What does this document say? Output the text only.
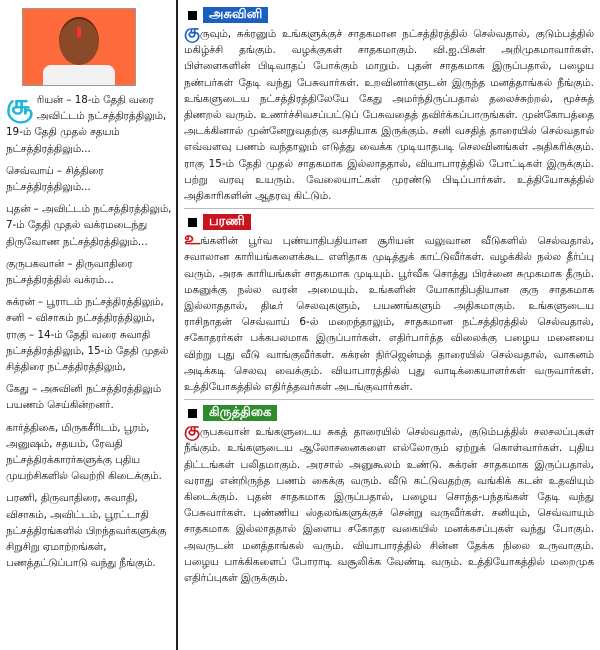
சூ ரியன் – 18-ம் தேதி வரை அவிட்டம் நட்சத்திரத்திலும், 19-ம் தேதி முதல் சதயம் நட்சத்திரத்திலும்...

செவ்வாய் – சித்திரை நட்சத்திரத்திலும்...

புதன் – அவிட்டம் நட்சத்திரத்திலும், 7-ம் தேதி முதல் வக்ரமடைந்து திருவோண நட்சத்திரத்திலும்...

குருபகவான் – திருவாதிரை நட்சத்திரத்தில் வக்ரம்...

சுக்ரன் – பூராடம் நட்சத்திரத்திலும், சனி – விசாகம் நட்சத்திரத்திலும், ராகு – 14-ம் தேதி வரை சுவாதி நட்சத்திரத்திலும், 15-ம் தேதி முதல் சித்திரை நட்சத்திரத்திலும்,

கேது – அசுவினி நட்சத்திரத்திலும் பயணம் செய்கின்றனர்.

கார்த்திகை, மிருகசீரிடம், பூரம், அனுஷம், சதயம், ரேவதி நட்சத்திரக்காரர்களுக்கு புதிய முயற்சிகளில் வெற்றி கிடைக்கும்.

பரணி, திருவாதிரை, சுவாதி, விசாகம், அவிட்டம், பூரட்டாதி நட்சத்திரங்களில் பிறந்தவர்களுக்கு சிறுசிறு ஏமாற்றங்கள், பணத்தட்டுப்பாடு வந்து நீங்கும்.

அசுவினி

குருவும், சுக்ரனும் உங்களுக்குச் சாதகமான நட்சத்திரத்தில் செல்வதால், குடும்பத்தில் மகிழ்ச்சி தங்கும். வழக்குகள் சாதகமாகும். வி.ஐ.பிகள் அறிமுகமாவார்கள். பிள்ளைகளின் பிடிவாதப் போக்கும் மாறும். புதன் சாதகமாக இருப்பதால், பழைய நண்பர்கள் தேடி வந்து பேசுவார்கள். உறவினர்களுடன் இருந்த மனத்தாங்கல் நீங்கும். உங்களுடைய நட்சத்திரத்திலேயே கேது அமர்ந்திருப்பதால் தலைச்சுற்றல், மூச்சுத் திணறல் வரும். உணர்ச்சிவசப்பட்டுப் பேசுவதைத் தவிர்க்கப்பாருங்கள். முன்கோபத்தை அடக்கினால் முன்னேறுவதற்கு வசதியாக இருக்கும். சனி வசதித் தாரையில் செல்வதால் எவ்வளவு பணம் வந்தாலும் எடுத்து வைக்க முடியாதபடி செலவினங்கள் அதிகரிக்கும். ராகு 15-ம் தேதி முதல் சாதகமாக இல்லாததால், வியாபாரத்தில் போட்டிகள் இருக்கும். பற்று வரவு உயரும். வேலையாட்கள் முரண்டு பிடிப்பார்கள். உத்தியோகத்தில் அதிகாரிகளின் ஆதரவு கிட்டும்.

பரணி

உங்களின் பூர்வ புண்யாதிபதியான சூரியன் வலுவான வீடுகளில் செல்வதால், சவாலான காரியங்களைக்கூட எளிதாக முடித்துக் காட்டுவீர்கள். வழக்கில் நல்ல தீர்ப்பு வரும். அரசு காரியங்கள் சாதகமாக முடியும். பூர்வீக சொத்து பிரச்னை சுமுகமாக தீரும். மகனுக்கு நல்ல வரன் அமையும். உங்களின் யோகாதிபதியான குரு சாதகமாக இல்லாததால், திடீர் செலவுகளும், பயணங்களும் அதிகமாகும். உங்களுடைய ராசிநாதன் செவ்வாய் 6-ல் மறைந்தாலும், சாதகமான நட்சத்திரத்தில் செல்வதால், சகோதரர்கள் பக்கபலமாக இருப்பார்கள். எதிர்பார்த்த விலைக்கு பழைய மனையை விற்று புது வீடு வாங்குவீர்கள். சுக்ரன் நிர்ஜென்மத் தாரையில் செல்வதால், வாகனம் அடிக்கடி செலவு வைக்கும். வியாபாரத்தில் புது வாடிக்கையாளர்கள் வருவார்கள். உத்தியோகத்தில் எதிர்த்தவர்கள் அடங்குவார்கள்.

கிருத்திகை

குருபகவான் உங்களுடைய சுகத் தாரையில் செல்வதால், குடும்பத்தில் சலசலப்புகள் நீங்கும். உங்களுடைய ஆலோசனைகளை எல்லோரும் ஏற்றுக் கொள்வார்கள். புதிய திட்டங்கள் பலிதமாகும். அரசால் அனுகூலம் உண்டு. சுக்ரன் சாதகமாக இருப்பதால், வராது என்றிருந்த பணம் கைக்கு வரும். வீடு கட்டுவதற்கு வங்கிக் கடன் உதவியும் கிடைக்கும். புதன் சாதகமாக இருப்பதால், பழைய சொந்த-பந்தங்கள் தேடி வந்து பேசுவார்கள். புண்ணிய ஸ்தலங்களுக்குச் சென்று வருவீர்கள். சனியும், செவ்வாயும் சாதகமாக இல்லாததால் இளைய சகோதர வகையில் மனக்கசப்புகள் வந்து போகும். அவருடன் மனத்தாங்கல் வரும். வியாபாரத்தில் சின்ன தேக்க நிலை உருவாகும். பழைய பாக்கிகளைப் போராடி வசூலிக்க வேண்டி வரும். உத்தியோகத்தில் மறைமுக எதிர்ப்புகள் இருக்கும்.
